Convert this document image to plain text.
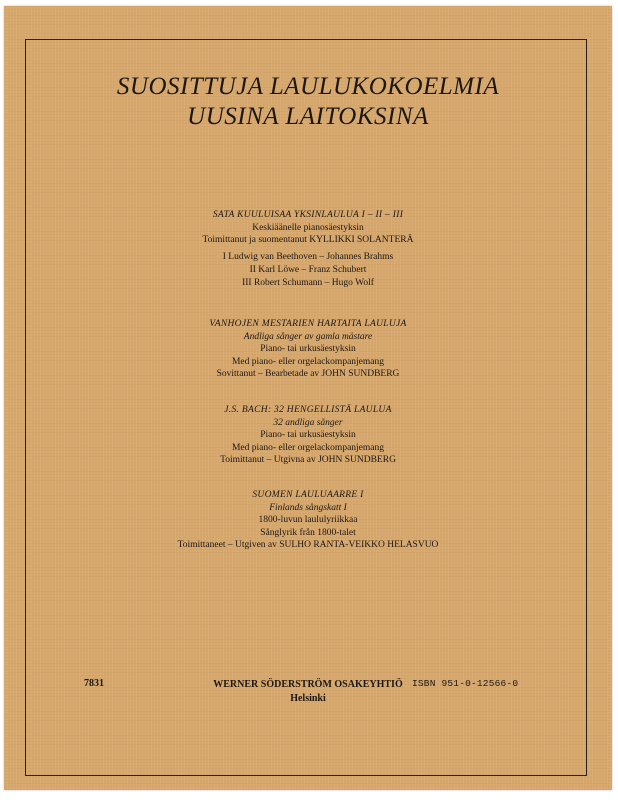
SUOSITTUJA LAULUKOKOELMIA
UUSINA LAITOKSINA
SATA KUULUISAA YKSINLAULUA I – II – III
Keskiäänelle pianosäestyksin
Toimittanut ja suomentanut KYLLIKKI SOLANTERÄ
I Ludwig van Beethoven – Johannes Brahms
II Karl Löwe – Franz Schubert
III Robert Schumann – Hugo Wolf
VANHOJEN MESTARIEN HARTAITA LAULUJA
Andliga sånger av gamla mästare
Piano- tai urkusäestyksin
Med piano- eller orgelackompanjemang
Sovittanut – Bearbetade av JOHN SUNDBERG
J.S. BACH: 32 HENGELLISTÄ LAULUA
32 andliga sånger
Piano- tai urkusäestyksin
Med piano- eller orgelackompanjemang
Toimittanut – Utgivna av JOHN SUNDBERG
SUOMEN LAULUAARRE I
Finlands sångskatt I
1800-luvun laululyriikkaa
Sånglyrik från 1800-talet
Toimittaneet – Utgiven av SULHO RANTA-VEIKKO HELASVUO
7831	WERNER SÖDERSTRÖM OSAKEYHTIÖ
Helsinki
ISBN 951-0-12566-0
